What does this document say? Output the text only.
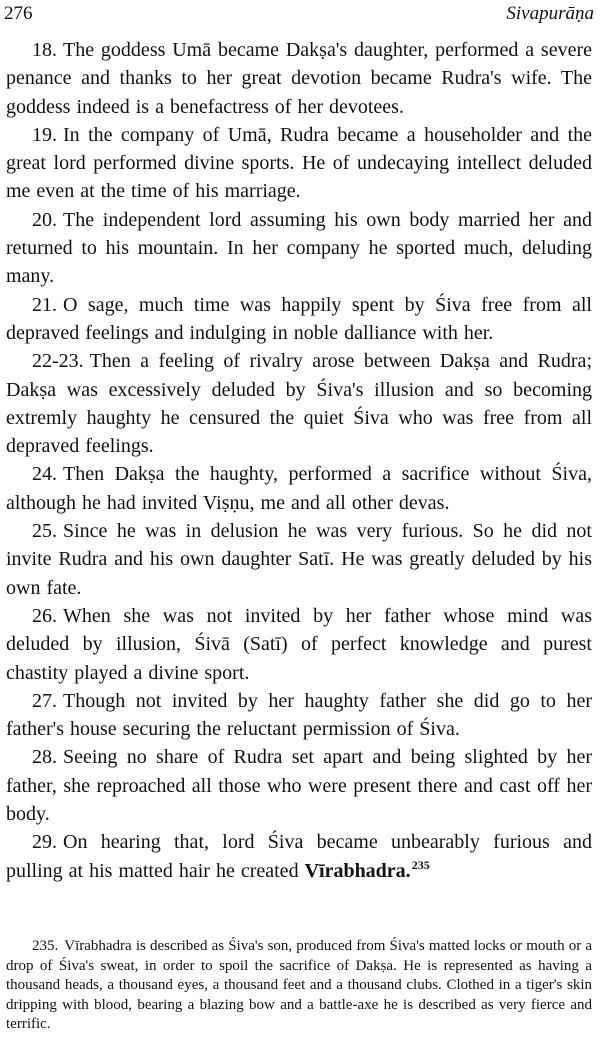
276	Sivapurāṇa

18. The goddess Umā became Dakṣa's daughter, performed a severe penance and thanks to her great devotion became Rudra's wife. The goddess indeed is a benefactress of her devotees.

19. In the company of Umā, Rudra became a householder and the great lord performed divine sports. He of undecaying intellect deluded me even at the time of his marriage.

20. The independent lord assuming his own body married her and returned to his mountain. In her company he sported much, deluding many.

21. O sage, much time was happily spent by Śiva free from all depraved feelings and indulging in noble dalliance with her.

22-23. Then a feeling of rivalry arose between Dakṣa and Rudra; Dakṣa was excessively deluded by Śiva's illusion and so becoming extremly haughty he censured the quiet Śiva who was free from all depraved feelings.

24. Then Dakṣa the haughty, performed a sacrifice without Śiva, although he had invited Viṣṇu, me and all other devas.

25. Since he was in delusion he was very furious. So he did not invite Rudra and his own daughter Satī. He was greatly deluded by his own fate.

26. When she was not invited by her father whose mind was deluded by illusion, Śivā (Satī) of perfect knowledge and purest chastity played a divine sport.

27. Though not invited by her haughty father she did go to her father's house securing the reluctant permission of Śiva.

28. Seeing no share of Rudra set apart and being slighted by her father, she reproached all those who were present there and cast off her body.

29. On hearing that, lord Śiva became unbearably furious and pulling at his matted hair he created Vīrabhadra.$^{235}$

235. Vīrabhadra is described as Śiva's son, produced from Śiva's matted locks or mouth or a drop of Śiva's sweat, in order to spoil the sacrifice of Dakṣa. He is represented as having a thousand heads, a thousand eyes, a thousand feet and a thousand clubs. Clothed in a tiger's skin dripping with blood, bearing a blazing bow and a battle-axe he is described as very fierce and terrific.
